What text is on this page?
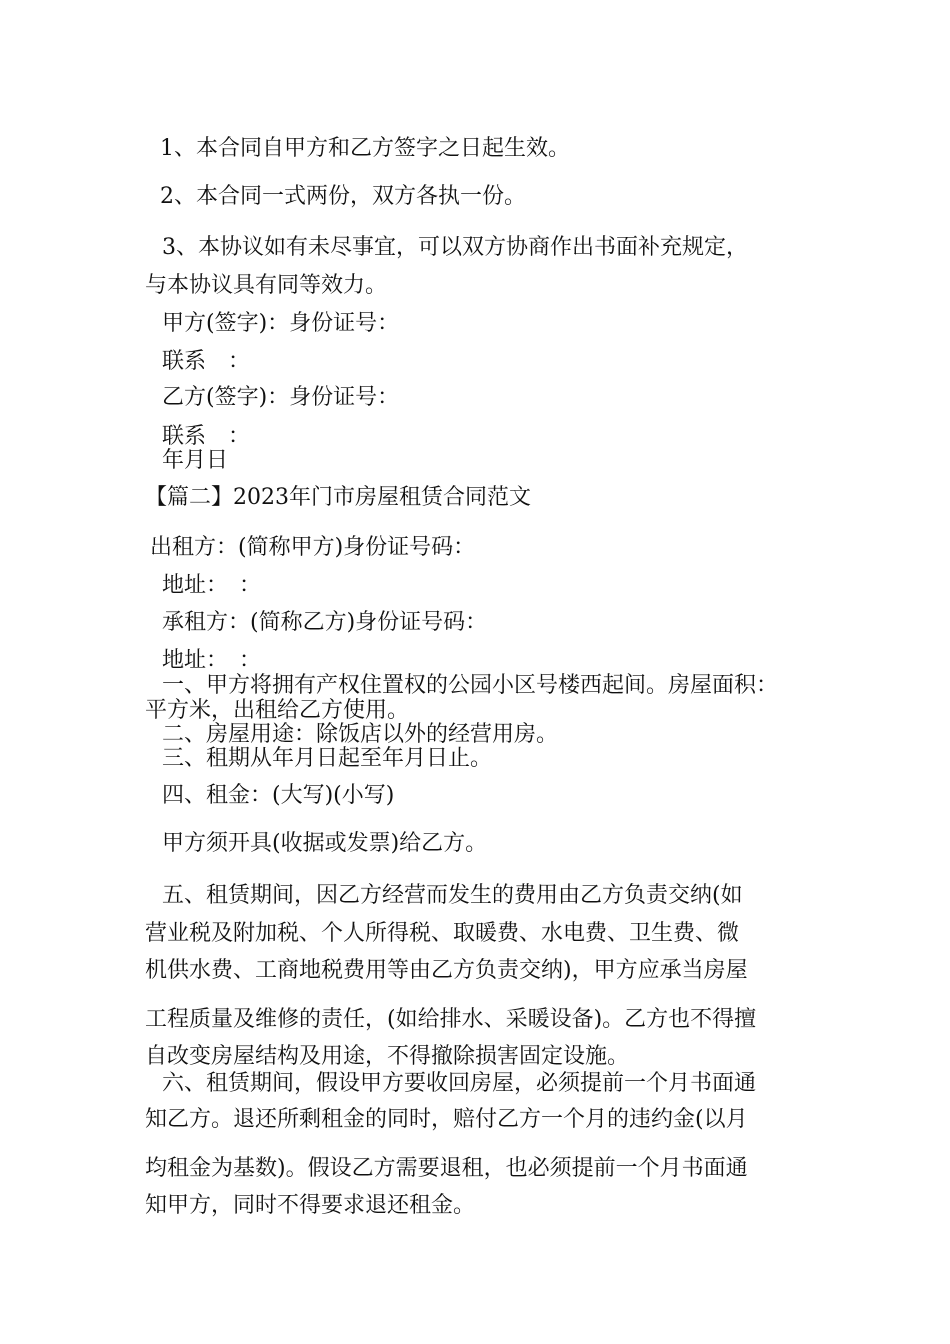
1、本合同自甲方和乙方签字之日起生效。
2、本合同一式两份，双方各执一份。
3、本协议如有未尽事宜，可以双方协商作出书面补充规定，
与本协议具有同等效力。
甲方(签字)：身份证号：
联系　：
乙方(签字)：身份证号：
联系　：
年月日
【篇二】2023年门市房屋租赁合同范文
出租方：(简称甲方)身份证号码：
地址：　：
承租方：(简称乙方)身份证号码：
地址：　：
一、甲方将拥有产权住置权的公园小区号楼西起间。房屋面积：
平方米，出租给乙方使用。
二、房屋用途：除饭店以外的经营用房。
三、租期从年月日起至年月日止。
四、租金：(大写)(小写)
甲方须开具(收据或发票)给乙方。
五、租赁期间，因乙方经营而发生的费用由乙方负责交纳(如
营业税及附加税、个人所得税、取暖费、水电费、卫生费、微
机供水费、工商地税费用等由乙方负责交纳)，甲方应承当房屋
工程质量及维修的责任，(如给排水、采暖设备)。乙方也不得擅
自改变房屋结构及用途，不得撤除损害固定设施。
六、租赁期间，假设甲方要收回房屋，必须提前一个月书面通
知乙方。退还所剩租金的同时，赔付乙方一个月的违约金(以月
均租金为基数)。假设乙方需要退租，也必须提前一个月书面通
知甲方，同时不得要求退还租金。
